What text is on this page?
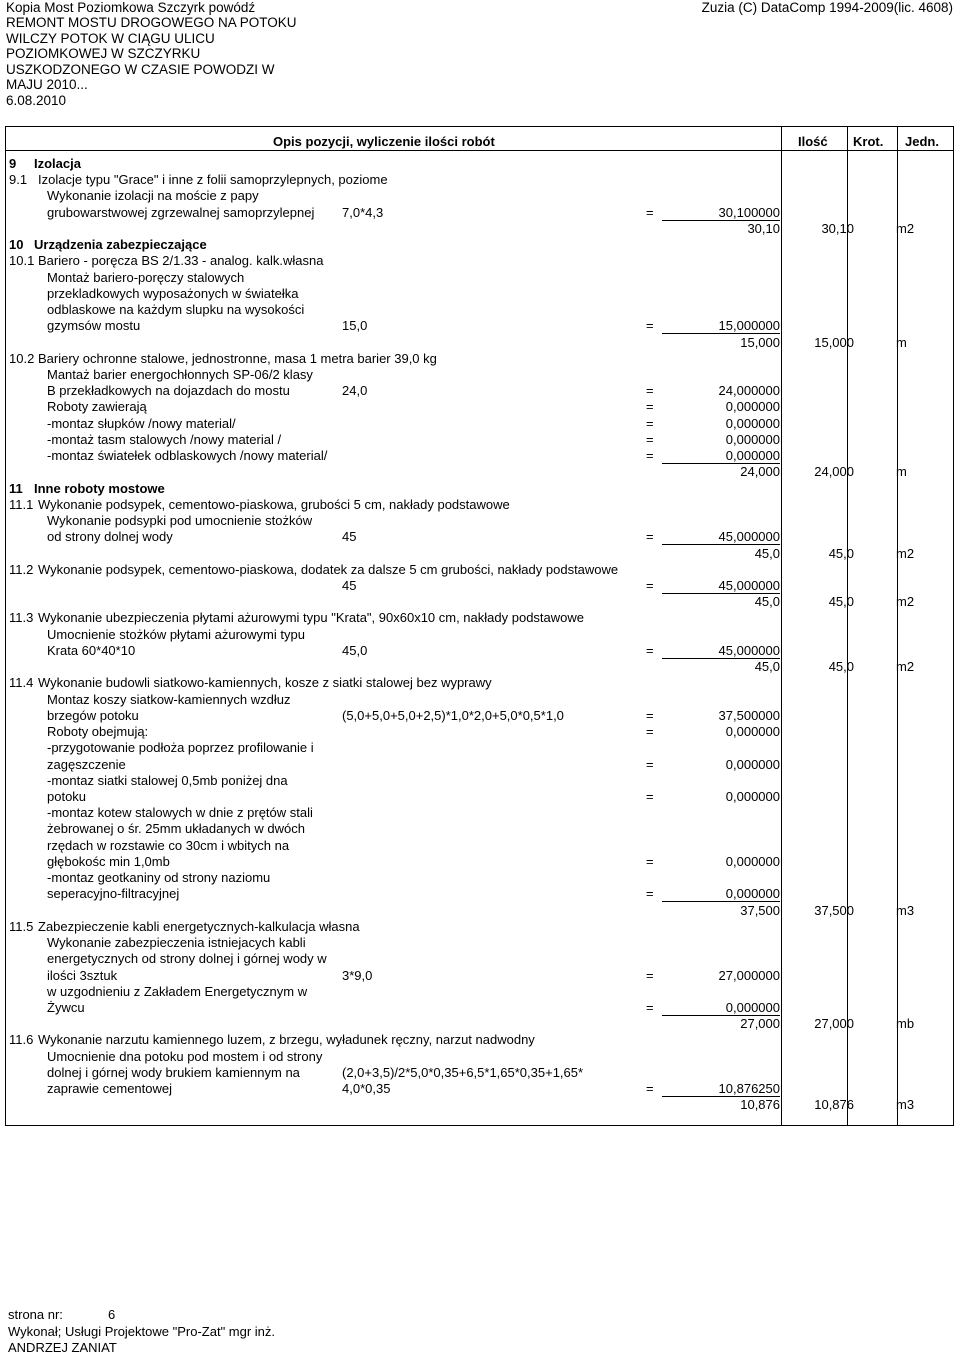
Kopia Most Poziomkowa Szczyrk powódź
REMONT MOSTU DROGOWEGO NA POTOKU
WILCZY POTOK W CIĄGU ULICU
POZIOMKOWEJ W SZCZYRKU
USZKODZONEGO W CZASIE POWODZI W
MAJU 2010...
6.08.2010
Zuzia (C) DataComp 1994-2009(lic. 4608)
Opis pozycji, wyliczenie ilości robót	Ilość Krot. Jedn.
9 Izolacja
9.1 Izolacje typu "Grace" i inne z folii samoprzylepnych, poziome
Wykonanie izolacji na moście z papy
grubowarstwowej zgrzewalnej samoprzylepnej 7,0*4,3	=	30,100000
30,10	30,10	m2
10 Urządzenia zabezpieczające
10.1 Bariero - poręcza BS 2/1.33 - analog. kalk.własna
Montaż bariero-poręczy stalowych
przekladkowych wyposażonych w światełka
odblaskowe na każdym slupku na wysokości
gzymsów mostu	15,0	=	15,000000
15,000	15,000	m
10.2 Bariery ochronne stalowe, jednostronne, masa 1 metra barier 39,0 kg
Mantaż barier energochłonnych SP-06/2 klasy
B przekładkowych na dojazdach do mostu	24,0	=	24,000000
Roboty zawierają	=	0,000000
-montaz słupków /nowy material/	=	0,000000
-montaż tasm stalowych /nowy material /	=	0,000000
-montaz światełek odblaskowych /nowy material/	=	0,000000
24,000	24,000	m
11 Inne roboty mostowe
11.1 Wykonanie podsypek, cementowo-piaskowa, grubości 5 cm, nakłady podstawowe
Wykonanie podsypki pod umocnienie stożków
od strony dolnej wody	45	=	45,000000
45,0	45,0	m2
11.2 Wykonanie podsypek, cementowo-piaskowa, dodatek za dalsze 5 cm grubości, nakłady podstawowe
45	=	45,000000
45,0	45,0	m2
11.3 Wykonanie ubezpieczenia płytami ażurowymi typu "Krata", 90x60x10 cm, nakłady podstawowe
Umocnienie stożków płytami ażurowymi typu
Krata 60*40*10	45,0	=	45,000000
45,0	45,0	m2
11.4 Wykonanie budowli siatkowo-kamiennych, kosze z siatki stalowej bez wyprawy
Montaz koszy siatkow-kamiennych wzdłuz
brzegów potoku	(5,0+5,0+5,0+2,5)*1,0*2,0+5,0*0,5*1,0	=	37,500000
Roboty obejmują:	=	0,000000
-przygotowanie podłoża poprzez profilowanie i
zagęszczenie	=	0,000000
-montaz siatki stalowej 0,5mb poniżej dna
potoku	=	0,000000
-montaz kotew stalowych w dnie z prętów stali
żebrowanej o śr. 25mm układanych w dwóch
rzędach w rozstawie co 30cm i wbitych na
głębokośc min 1,0mb	=	0,000000
-montaz geotkaniny od strony naziomu
seperacyjno-filtracyjnej	=	0,000000
37,500	37,500	m3
11.5 Zabezpieczenie kabli energetycznych-kalkulacja własna
Wykonanie zabezpieczenia istniejacych kabli
energetycznych od strony dolnej i górnej wody w
ilości 3sztuk	3*9,0	=	27,000000
w uzgodnieniu z Zakładem Energetycznym w
Żywcu	=	0,000000
27,000	27,000	mb
11.6 Wykonanie narzutu kamiennego luzem, z brzegu, wyładunek ręczny, narzut nadwodny
Umocnienie dna potoku pod mostem i od strony
dolnej i górnej wody brukiem kamiennym na	(2,0+3,5)/2*5,0*0,35+6,5*1,65*0,35+1,65*
zaprawie cementowej	4,0*0,35	=	10,876250
10,876	10,876	m3
strona nr:	6
Wykonał; Usługi Projektowe "Pro-Zat" mgr inż.
ANDRZEJ ZANIAT
